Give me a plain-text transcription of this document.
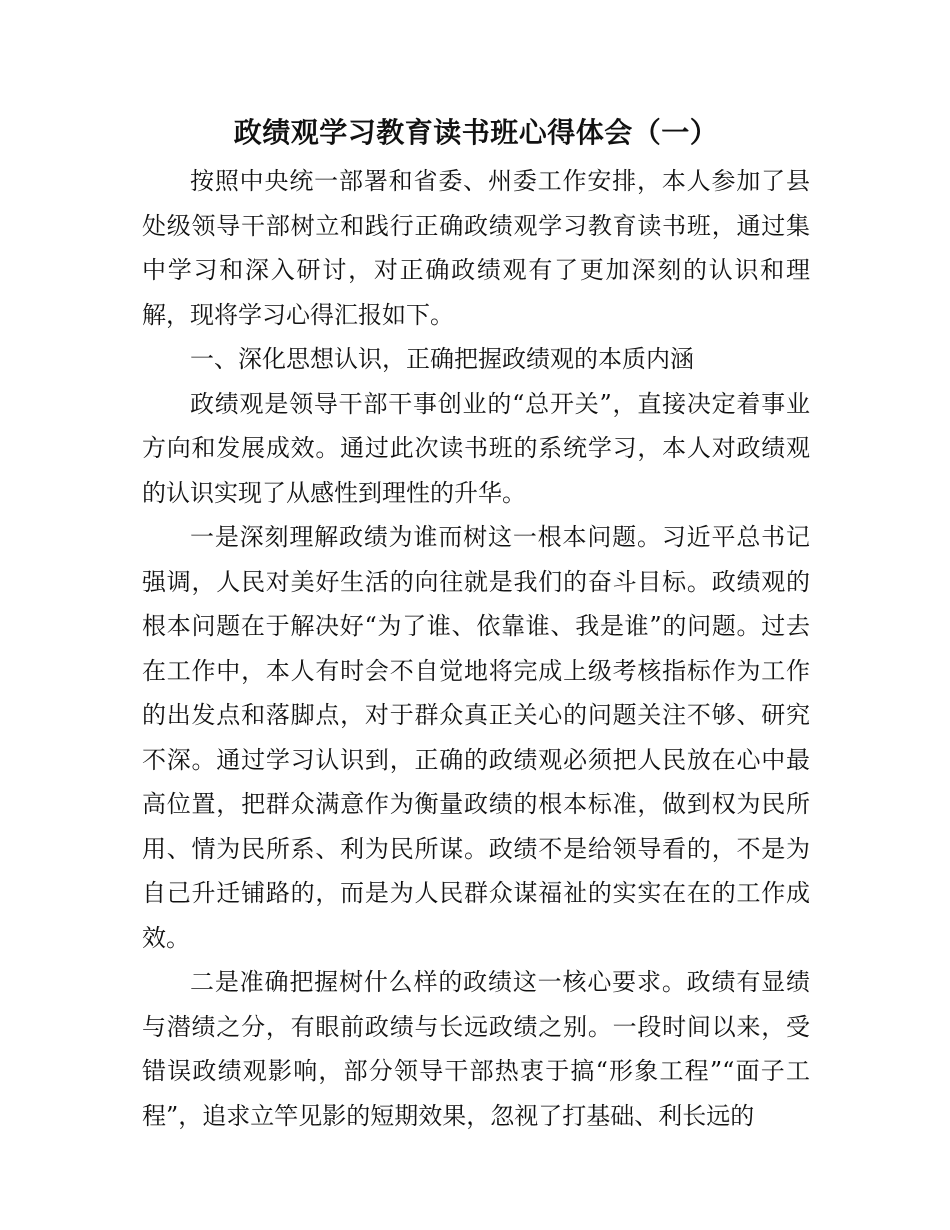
政绩观学习教育读书班心得体会（一）

按照中央统一部署和省委、州委工作安排，本人参加了县处级领导干部树立和践行正确政绩观学习教育读书班，通过集中学习和深入研讨，对正确政绩观有了更加深刻的认识和理解，现将学习心得汇报如下。

一、深化思想认识，正确把握政绩观的本质内涵

政绩观是领导干部干事创业的“总开关”，直接决定着事业方向和发展成效。通过此次读书班的系统学习，本人对政绩观的认识实现了从感性到理性的升华。

一是深刻理解政绩为谁而树这一根本问题。习近平总书记强调，人民对美好生活的向往就是我们的奋斗目标。政绩观的根本问题在于解决好“为了谁、依靠谁、我是谁”的问题。过去在工作中，本人有时会不自觉地将完成上级考核指标作为工作的出发点和落脚点，对于群众真正关心的问题关注不够、研究不深。通过学习认识到，正确的政绩观必须把人民放在心中最高位置，把群众满意作为衡量政绩的根本标准，做到权为民所用、情为民所系、利为民所谋。政绩不是给领导看的，不是为自己升迁铺路的，而是为人民群众谋福祉的实实在在的工作成效。

二是准确把握树什么样的政绩这一核心要求。政绩有显绩与潜绩之分，有眼前政绩与长远政绩之别。一段时间以来，受错误政绩观影响，部分领导干部热衷于搞“形象工程”“面子工程”，追求立竿见影的短期效果，忽视了打基础、利长远的
